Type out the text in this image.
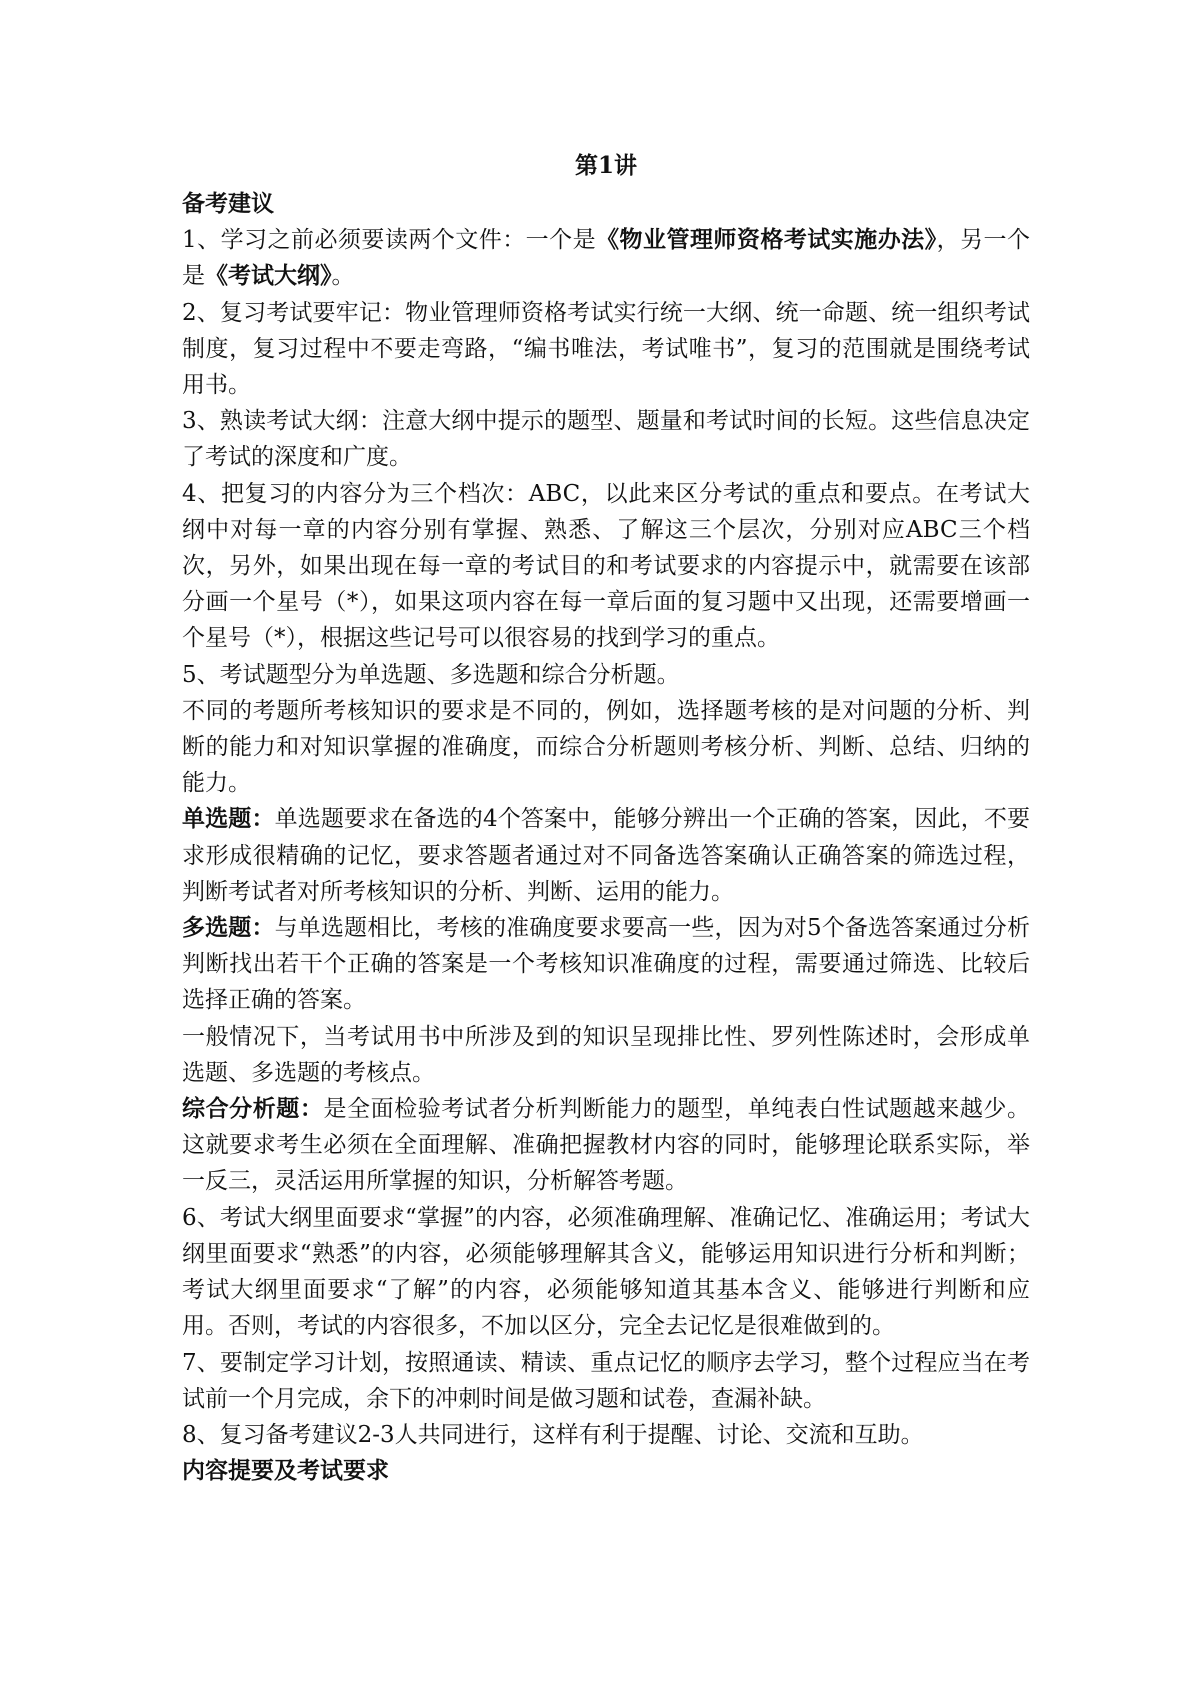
第1讲
备考建议

1、学习之前必须要读两个文件：一个是《物业管理师资格考试实施办法》，另一个是《考试大纲》。

2、复习考试要牢记：物业管理师资格考试实行统一大纲、统一命题、统一组织考试制度，复习过程中不要走弯路，“编书唯法，考试唯书”，复习的范围就是围绕考试用书。

3、熟读考试大纲：注意大纲中提示的题型、题量和考试时间的长短。这些信息决定了考试的深度和广度。

4、把复习的内容分为三个档次：ABC，以此来区分考试的重点和要点。在考试大纲中对每一章的内容分别有掌握、熟悉、了解这三个层次，分别对应ABC三个档次，另外，如果出现在每一章的考试目的和考试要求的内容提示中，就需要在该部分画一个星号（*），如果这项内容在每一章后面的复习题中又出现，还需要增画一个星号（*），根据这些记号可以很容易的找到学习的重点。

5、考试题型分为单选题、多选题和综合分析题。

不同的考题所考核知识的要求是不同的，例如，选择题考核的是对问题的分析、判断的能力和对知识掌握的准确度，而综合分析题则考核分析、判断、总结、归纳的能力。

单选题：单选题要求在备选的4个答案中，能够分辨出一个正确的答案，因此，不要求形成很精确的记忆，要求答题者通过对不同备选答案确认正确答案的筛选过程，判断考试者对所考核知识的分析、判断、运用的能力。

多选题：与单选题相比，考核的准确度要求要高一些，因为对5个备选答案通过分析判断找出若干个正确的答案是一个考核知识准确度的过程，需要通过筛选、比较后选择正确的答案。

一般情况下，当考试用书中所涉及到的知识呈现排比性、罗列性陈述时，会形成单选题、多选题的考核点。

综合分析题：是全面检验考试者分析判断能力的题型，单纯表白性试题越来越少。这就要求考生必须在全面理解、准确把握教材内容的同时，能够理论联系实际，举一反三，灵活运用所掌握的知识，分析解答考题。

6、考试大纲里面要求“掌握”的内容，必须准确理解、准确记忆、准确运用；考试大纲里面要求“熟悉”的内容，必须能够理解其含义，能够运用知识进行分析和判断；考试大纲里面要求“了解”的内容，必须能够知道其基本含义、能够进行判断和应用。否则，考试的内容很多，不加以区分，完全去记忆是很难做到的。

7、要制定学习计划，按照通读、精读、重点记忆的顺序去学习，整个过程应当在考试前一个月完成，余下的冲刺时间是做习题和试卷，查漏补缺。

8、复习备考建议2-3人共同进行，这样有利于提醒、讨论、交流和互助。

内容提要及考试要求
